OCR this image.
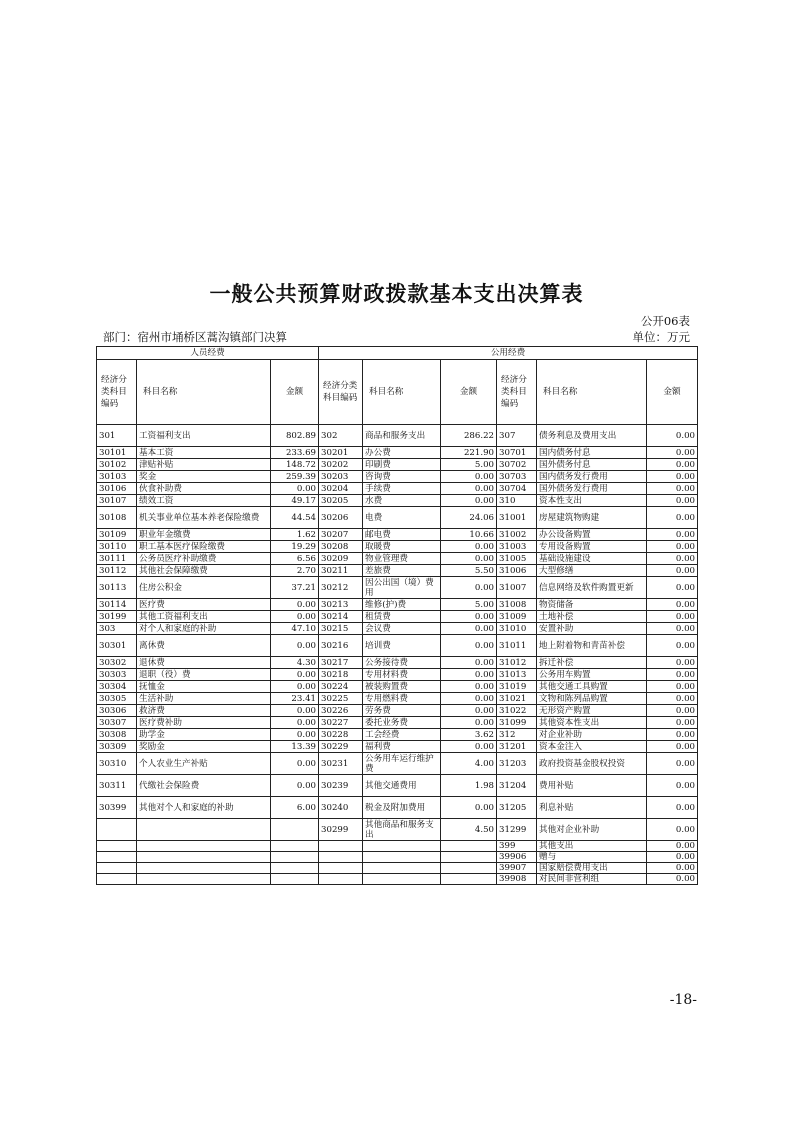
一般公共预算财政拨款基本支出决算表
公开06表
部门：宿州市埇桥区蒿沟镇部门决算	单位：万元
人员经费			公用经费					
经济分类科目编码	科目名称	金额	经济分类科目编码	科目名称	金额	经济分类科目编码	科目名称	金额
301	工资福利支出	802.89	302	商品和服务支出	286.22	307	债务利息及费用支出	0.00
30101	基本工资	233.69	30201	办公费	221.90	30701	国内债务付息	0.00
30102	津贴补贴	148.72	30202	印刷费	5.00	30702	国外债务付息	0.00
30103	奖金	259.39	30203	咨询费	0.00	30703	国内债务发行费用	0.00
30106	伙食补助费	0.00	30204	手续费	0.00	30704	国外债务发行费用	0.00
30107	绩效工资	49.17	30205	水费	0.00	310	资本性支出	0.00
30108	机关事业单位基本养老保险缴费	44.54	30206	电费	24.06	31001	房屋建筑物购建	0.00
30109	职业年金缴费	1.62	30207	邮电费	10.66	31002	办公设备购置	0.00
30110	职工基本医疗保险缴费	19.29	30208	取暖费	0.00	31003	专用设备购置	0.00
30111	公务员医疗补助缴费	6.56	30209	物业管理费	0.00	31005	基础设施建设	0.00
30112	其他社会保障缴费	2.70	30211	差旅费	5.50	31006	大型修缮	0.00
30113	住房公积金	37.21	30212	因公出国（境）费用	0.00	31007	信息网络及软件购置更新	0.00
30114	医疗费	0.00	30213	维修(护)费	5.00	31008	物资储备	0.00
30199	其他工资福利支出	0.00	30214	租赁费	0.00	31009	土地补偿	0.00
303	对个人和家庭的补助	47.10	30215	会议费	0.00	31010	安置补助	0.00
30301	离休费	0.00	30216	培训费	0.00	31011	地上附着物和青苗补偿	0.00
30302	退休费	4.30	30217	公务接待费	0.00	31012	拆迁补偿	0.00
30303	退职（役）费	0.00	30218	专用材料费	0.00	31013	公务用车购置	0.00
30304	抚恤金	0.00	30224	被装购置费	0.00	31019	其他交通工具购置	0.00
30305	生活补助	23.41	30225	专用燃料费	0.00	31021	文物和陈列品购置	0.00
30306	救济费	0.00	30226	劳务费	0.00	31022	无形资产购置	0.00
30307	医疗费补助	0.00	30227	委托业务费	0.00	31099	其他资本性支出	0.00
30308	助学金	0.00	30228	工会经费	3.62	312	对企业补助	0.00
30309	奖励金	13.39	30229	福利费	0.00	31201	资本金注入	0.00
30310	个人农业生产补贴	0.00	30231	公务用车运行维护费	4.00	31203	政府投资基金股权投资	0.00
30311	代缴社会保险费	0.00	30239	其他交通费用	1.98	31204	费用补贴	0.00
30399	其他对个人和家庭的补助	6.00	30240	税金及附加费用	0.00	31205	利息补贴	0.00
			30299	其他商品和服务支出	4.50	31299	其他对企业补助	0.00
						399	其他支出	0.00
						39906	赠与	0.00
						39907	国家赔偿费用支出	0.00
						39908	对民间非营利组	0.00
-18-
